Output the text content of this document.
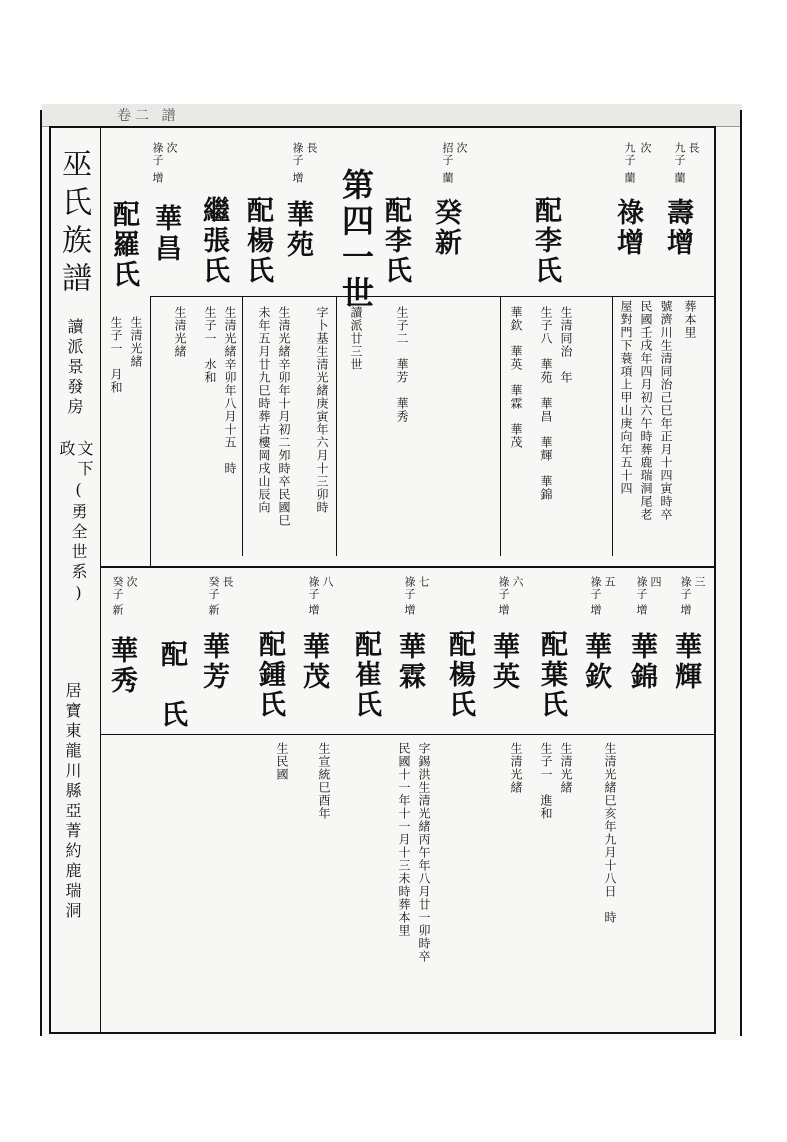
卷二 譜
巫氏族譜
讀派景發房
政 文下
(勇全世系)
居寶東龍川縣亞菁約鹿瑞洞
長
九子
蘭
壽增
葬本里
次
九子
蘭
祿增
號濟川生清同治己巳年正月十四寅時卒
民國壬戌年四月初六午時葬鹿瑞洞尾老
屋對門下蓑項上甲山庚向年五十四
配李氏
生清同治　年
生子八　華苑　華昌　華輝　華錦
華欽　華英　華霖　華茂
次
招子
蘭
癸新
配李氏
生子二　華芳　華秀
第四一世
讀派廿三世
長
祿子
增
華苑
字卜基生清光緒庚寅年六月十三卯時
配楊氏
生清光緒辛卯年十月初二夘時卒民國巳
未年五月廿九巳時葬古樓岡戌山辰向
繼張氏
生清光緒辛卯年八月十五　時
生子一　水和
次
祿子
增
華昌
生清光緒
配羅氏
生清光緒
生子一　月和
三
祿子
增
華輝
生清光緒巳亥年九月十八日　時
四
祿子
增
華錦
五
祿子
增
華欽
生清光緒
生子一　進和
配葉氏
六
祿子
增
華英
生清光緒
配楊氏
七
祿子
增
華霖
字錫洪生清光緒丙午年八月廿一卯時卒
民國十一年十一月十三未時葬本里
配崔氏
八
祿子
增
華茂
生宣統巳酉年
配鍾氏
生民國
長
癸子
新
華芳
配　氏
次
癸子
新
華秀
